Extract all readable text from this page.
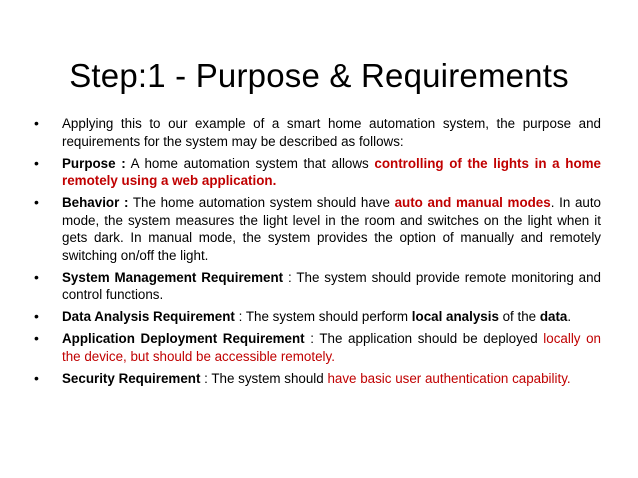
Step:1 - Purpose & Requirements
•	Applying this to our example of a smart home automation system, the purpose and requirements for the system may be described as follows:
•	Purpose : A home automation system that allows controlling of the lights in a home remotely using a web application.
•	Behavior : The home automation system should have auto and manual modes. In auto mode, the system measures the light level in the room and switches on the light when it gets dark. In manual mode, the system provides the option of manually and remotely switching on/off the light.
•	System Management Requirement : The system should provide remote monitoring and control functions.
•	Data Analysis Requirement : The system should perform local analysis of the data.
•	Application Deployment Requirement : The application should be deployed locally on the device, but should be accessible remotely.
•	Security Requirement : The system should have basic user authentication capability.
